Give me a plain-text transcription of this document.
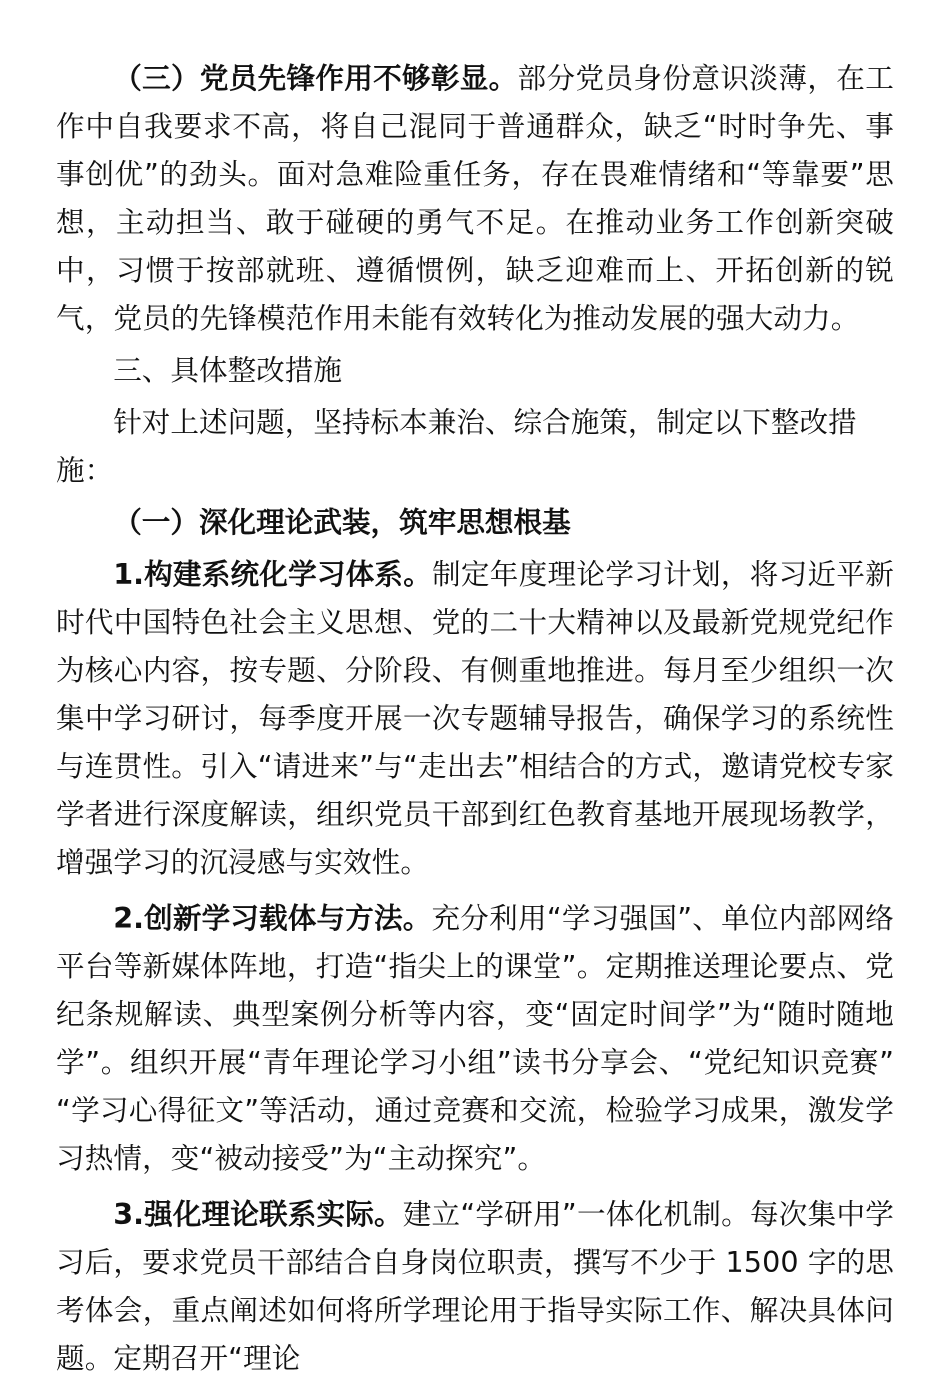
（三）党员先锋作用不够彰显。部分党员身份意识淡薄，在工作中自我要求不高，将自己混同于普通群众，缺乏“时时争先、事事创优”的劲头。面对急难险重任务，存在畏难情绪和“等靠要”思想，主动担当、敢于碰硬的勇气不足。在推动业务工作创新突破中，习惯于按部就班、遵循惯例，缺乏迎难而上、开拓创新的锐气，党员的先锋模范作用未能有效转化为推动发展的强大动力。

三、具体整改措施

针对上述问题，坚持标本兼治、综合施策，制定以下整改措施：

（一）深化理论武装，筑牢思想根基

1.构建系统化学习体系。制定年度理论学习计划，将习近平新时代中国特色社会主义思想、党的二十大精神以及最新党规党纪作为核心内容，按专题、分阶段、有侧重地推进。每月至少组织一次集中学习研讨，每季度开展一次专题辅导报告，确保学习的系统性与连贯性。引入“请进来”与“走出去”相结合的方式，邀请党校专家学者进行深度解读，组织党员干部到红色教育基地开展现场教学，增强学习的沉浸感与实效性。

2.创新学习载体与方法。充分利用“学习强国”、单位内部网络平台等新媒体阵地，打造“指尖上的课堂”。定期推送理论要点、党纪条规解读、典型案例分析等内容，变“固定时间学”为“随时随地学”。组织开展“青年理论学习小组”读书分享会、“党纪知识竞赛”“学习心得征文”等活动，通过竞赛和交流，检验学习成果，激发学习热情，变“被动接受”为“主动探究”。

3.强化理论联系实际。建立“学研用”一体化机制。每次集中学习后，要求党员干部结合自身岗位职责，撰写不少于 1500 字的思考体会，重点阐述如何将所学理论用于指导实际工作、解决具体问题。定期召开“理论
